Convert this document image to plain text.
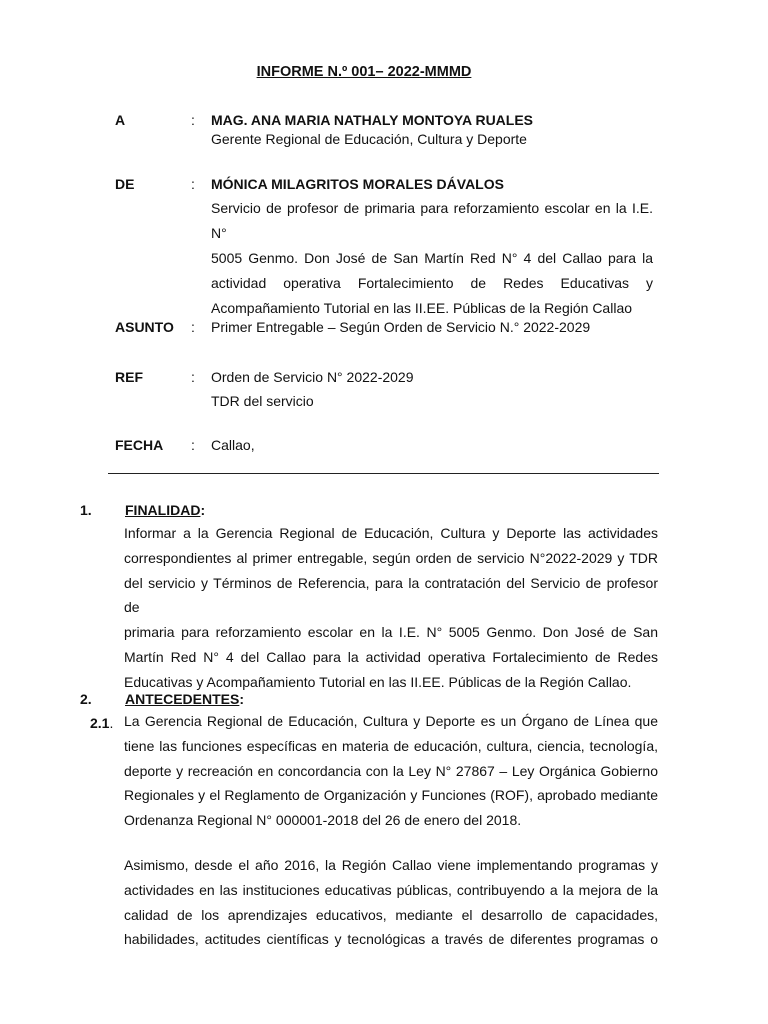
INFORME N.º 001– 2022-MMMD
A	: MAG. ANA MARIA NATHALY MONTOYA RUALES
Gerente Regional de Educación, Cultura y Deporte
DE	: MÓNICA MILAGRITOS MORALES DÁVALOS
Servicio de profesor de primaria para reforzamiento escolar en la I.E. N°
5005 Genmo. Don José de San Martín Red N° 4 del Callao para la
actividad operativa Fortalecimiento de Redes Educativas y
Acompañamiento Tutorial en las II.EE. Públicas de la Región Callao
ASUNTO : Primer Entregable – Según Orden de Servicio N.° 2022-2029
REF	: Orden de Servicio N° 2022-2029
TDR del servicio
FECHA : Callao,
1. FINALIDAD:
Informar a la Gerencia Regional de Educación, Cultura y Deporte las actividades
correspondientes al primer entregable, según orden de servicio N°2022-2029 y TDR
del servicio y Términos de Referencia, para la contratación del Servicio de profesor de
primaria para reforzamiento escolar en la I.E. N° 5005 Genmo. Don José de San
Martín Red N° 4 del Callao para la actividad operativa Fortalecimiento de Redes
Educativas y Acompañamiento Tutorial en las II.EE. Públicas de la Región Callao.
2. ANTECEDENTES:
2.1. La Gerencia Regional de Educación, Cultura y Deporte es un Órgano de Línea que
tiene las funciones específicas en materia de educación, cultura, ciencia, tecnología,
deporte y recreación en concordancia con la Ley N° 27867 – Ley Orgánica Gobierno
Regionales y el Reglamento de Organización y Funciones (ROF), aprobado mediante
Ordenanza Regional N° 000001-2018 del 26 de enero del 2018.
Asimismo, desde el año 2016, la Región Callao viene implementando programas y
actividades en las instituciones educativas públicas, contribuyendo a la mejora de la
calidad de los aprendizajes educativos, mediante el desarrollo de capacidades,
habilidades, actitudes científicas y tecnológicas a través de diferentes programas o
